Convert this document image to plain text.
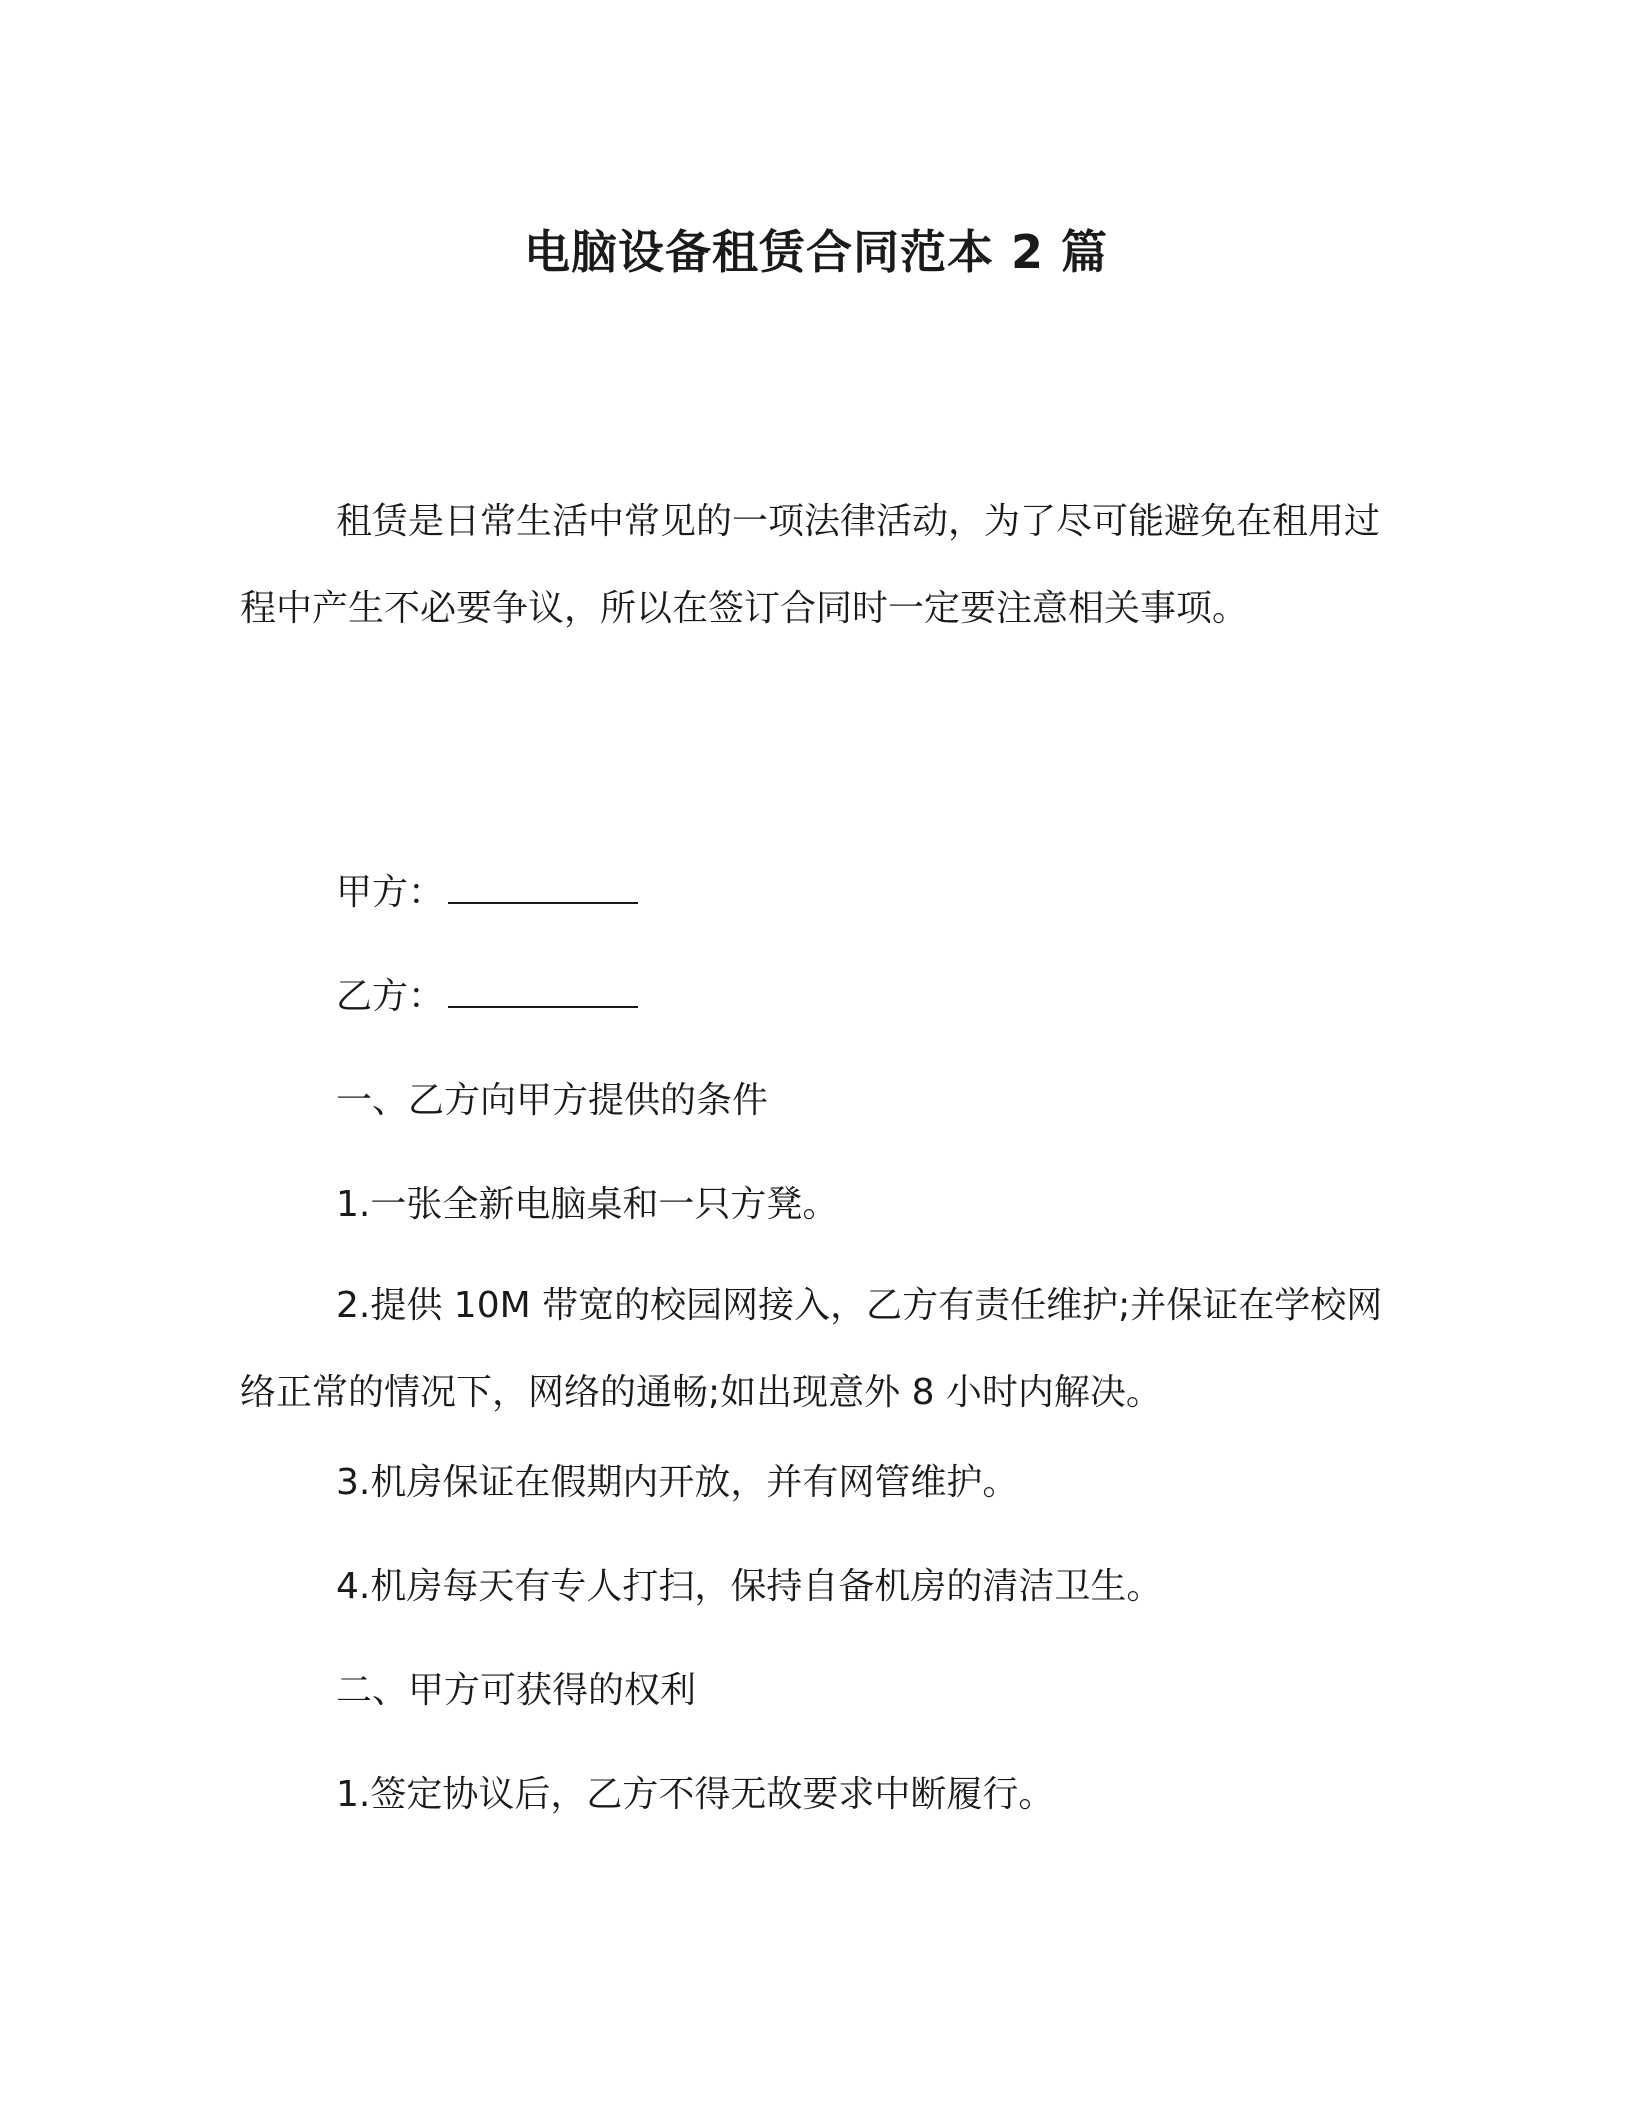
电脑设备租赁合同范本 2 篇

租赁是日常生活中常见的一项法律活动，为了尽可能避免在租用过程中产生不必要争议，所以在签订合同时一定要注意相关事项。

甲方：

乙方：

一、乙方向甲方提供的条件

1.一张全新电脑桌和一只方凳。

2.提供 10M 带宽的校园网接入，乙方有责任维护;并保证在学校网络正常的情况下，网络的通畅;如出现意外 8 小时内解决。

3.机房保证在假期内开放，并有网管维护。

4.机房每天有专人打扫，保持自备机房的清洁卫生。

二、甲方可获得的权利

1.签定协议后，乙方不得无故要求中断履行。
